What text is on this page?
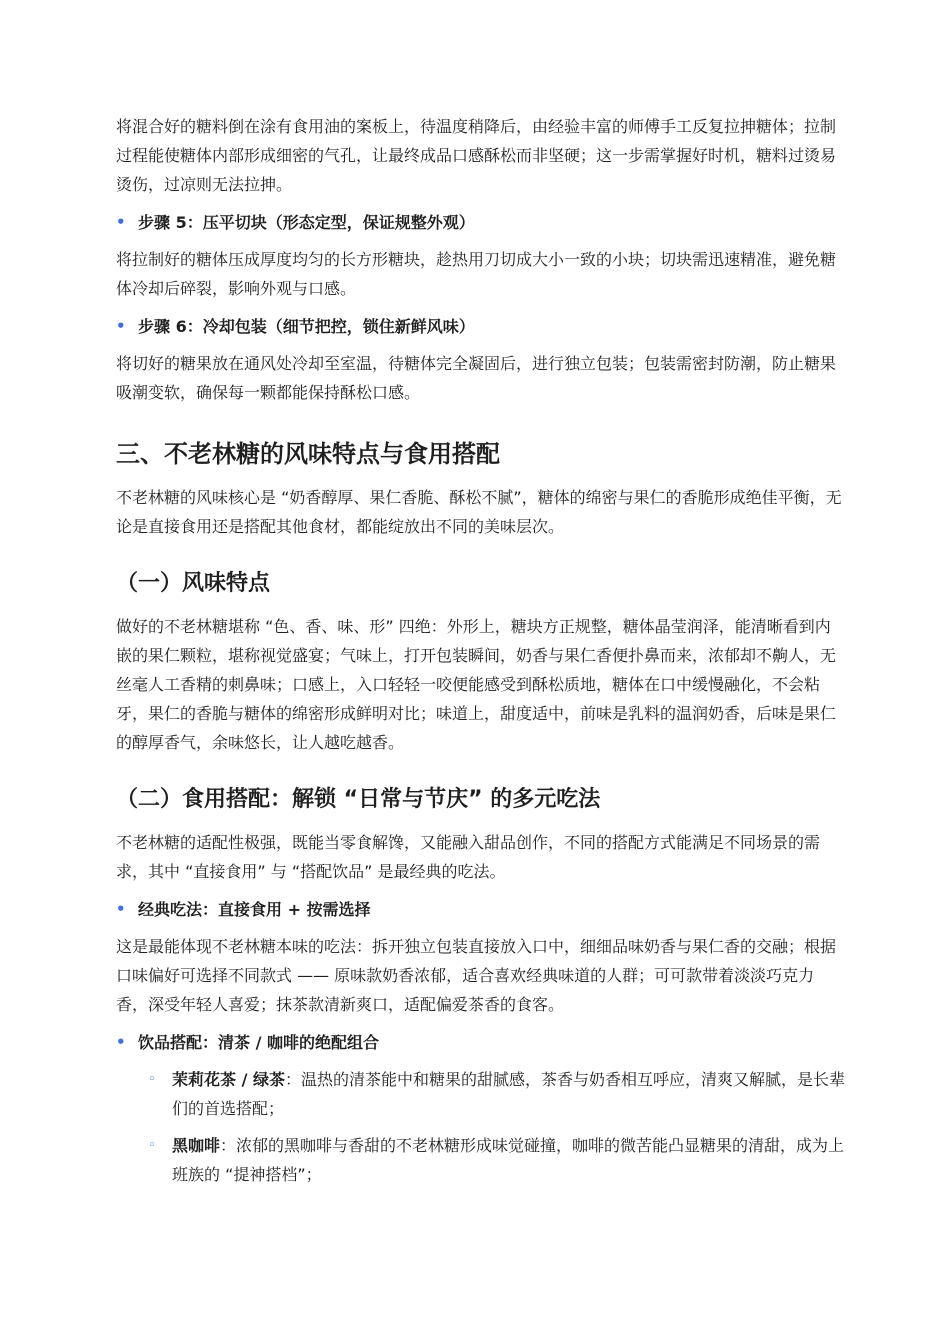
将混合好的糖料倒在涂有食用油的案板上，待温度稍降后，由经验丰富的师傅手工反复拉抻糖体；拉制过程能使糖体内部形成细密的气孔，让最终成品口感酥松而非坚硬；这一步需掌握好时机，糖料过烫易烫伤，过凉则无法拉抻。

• 步骤 5：压平切块（形态定型，保证规整外观）

将拉制好的糖体压成厚度均匀的长方形糖块，趁热用刀切成大小一致的小块；切块需迅速精准，避免糖体冷却后碎裂，影响外观与口感。

• 步骤 6：冷却包装（细节把控，锁住新鲜风味）

将切好的糖果放在通风处冷却至室温，待糖体完全凝固后，进行独立包装；包装需密封防潮，防止糖果吸潮变软，确保每一颗都能保持酥松口感。

三、不老林糖的风味特点与食用搭配

不老林糖的风味核心是 “奶香醇厚、果仁香脆、酥松不腻”，糖体的绵密与果仁的香脆形成绝佳平衡，无论是直接食用还是搭配其他食材，都能绽放出不同的美味层次。

（一）风味特点

做好的不老林糖堪称 “色、香、味、形” 四绝：外形上，糖块方正规整，糖体晶莹润泽，能清晰看到内嵌的果仁颗粒，堪称视觉盛宴；气味上，打开包装瞬间，奶香与果仁香便扑鼻而来，浓郁却不齁人，无丝毫人工香精的刺鼻味；口感上，入口轻轻一咬便能感受到酥松质地，糖体在口中缓慢融化，不会粘牙，果仁的香脆与糖体的绵密形成鲜明对比；味道上，甜度适中，前味是乳料的温润奶香，后味是果仁的醇厚香气，余味悠长，让人越吃越香。

（二）食用搭配：解锁 “日常与节庆” 的多元吃法

不老林糖的适配性极强，既能当零食解馋，又能融入甜品创作，不同的搭配方式能满足不同场景的需求，其中 “直接食用” 与 “搭配饮品” 是最经典的吃法。

• 经典吃法：直接食用 + 按需选择

这是最能体现不老林糖本味的吃法：拆开独立包装直接放入口中，细细品味奶香与果仁香的交融；根据口味偏好可选择不同款式 —— 原味款奶香浓郁，适合喜欢经典味道的人群；可可款带着淡淡巧克力香，深受年轻人喜爱；抹茶款清新爽口，适配偏爱茶香的食客。

• 饮品搭配：清茶 / 咖啡的绝配组合
◦ 茉莉花茶 / 绿茶：温热的清茶能中和糖果的甜腻感，茶香与奶香相互呼应，清爽又解腻，是长辈们的首选搭配；
◦ 黑咖啡：浓郁的黑咖啡与香甜的不老林糖形成味觉碰撞，咖啡的微苦能凸显糖果的清甜，成为上班族的 “提神搭档”；
